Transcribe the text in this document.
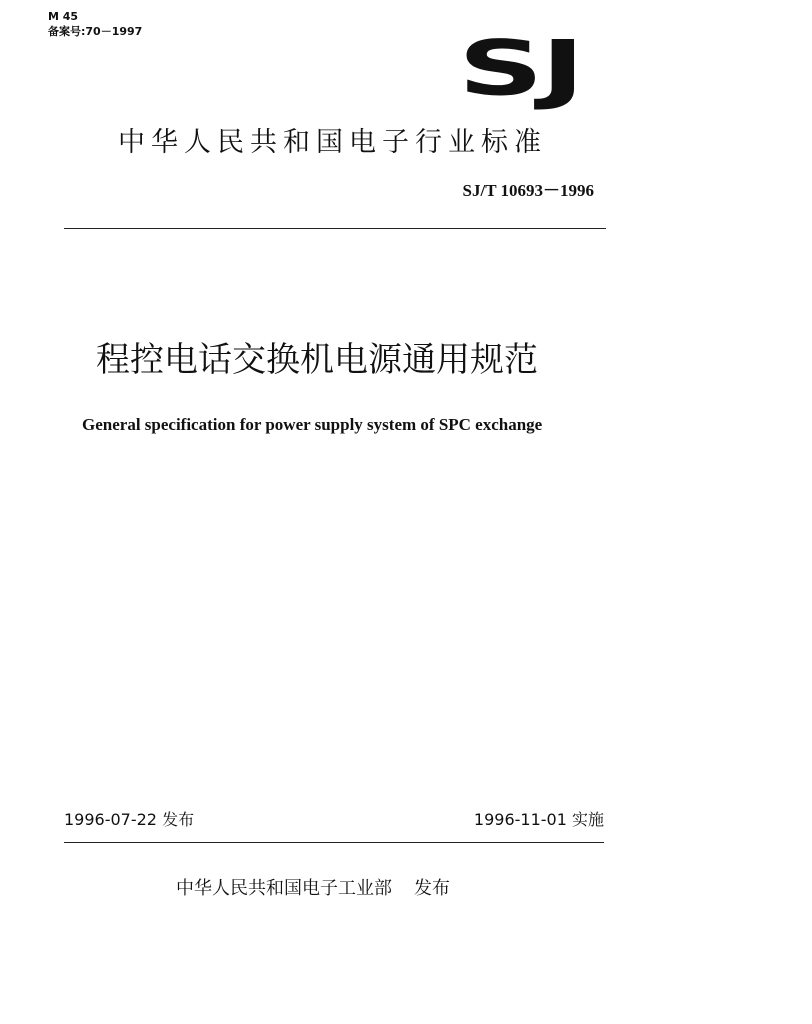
M 45
备案号:70－1997	SJ
中华人民共和国电子行业标准
SJ/T 10693－1996
程控电话交换机电源通用规范
General specification for power supply system of SPC exchange
1996-07-22 发布	1996-11-01 实施
中华人民共和国电子工业部 发布
